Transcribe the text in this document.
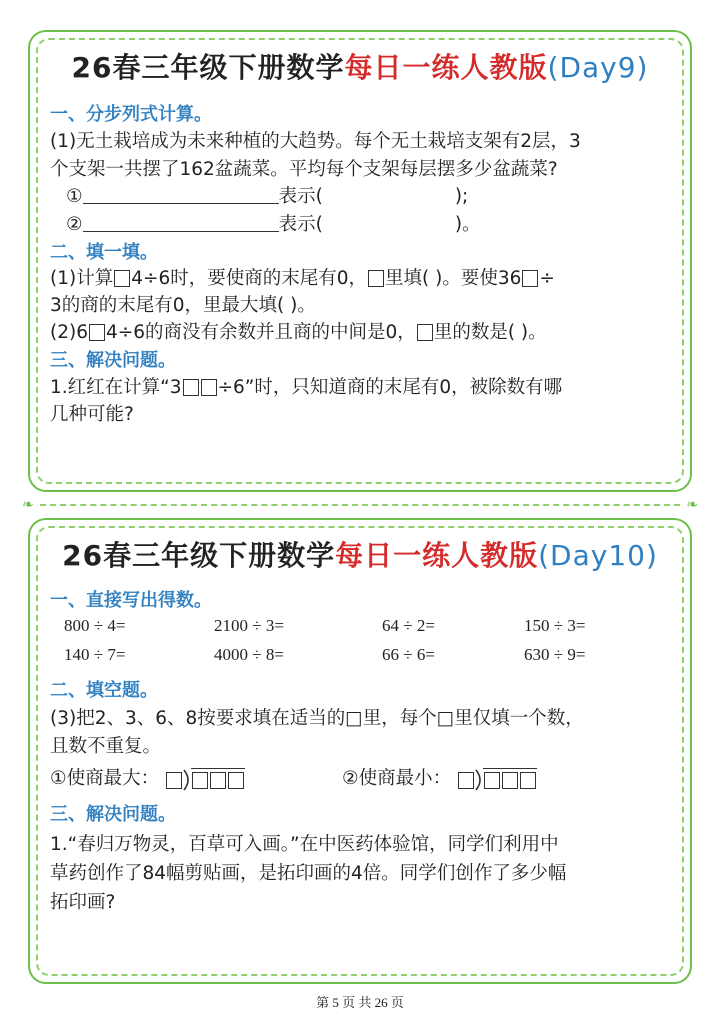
26春三年级下册数学每日一练人教版(Day9)
一、分步列式计算。
(1)无土栽培成为未来种植的大趋势。每个无土栽培支架有2层，3
个支架一共摆了162盆蔬菜。平均每个支架每层摆多少盆蔬菜?
①	表示(	);
②	表示(	)。
二、填一填。
(1)计算 4÷6时，要使商的末尾有0， 里填( )。要使36 ÷
3的商的末尾有0，里最大填( )。
(2)6 4÷6的商没有余数并且商的中间是0， 里的数是( )。
三、解决问题。
1.红红在计算“3 ÷6”时，只知道商的末尾有0，被除数有哪
几种可能?
❧	❧
26春三年级下册数学每日一练人教版(Day10)
一、直接写出得数。
800 ÷ 4=	2100 ÷ 3=	64 ÷ 2=	150 ÷ 3=
140 ÷ 7=	4000 ÷ 8=	66 ÷ 6=	630 ÷ 9=
二、填空题。
(3)把2、3、6、8按要求填在适当的□里，每个□里仅填一个数，
且数不重复。
①使商最大：	②使商最小：
三、解决问题。
1.“春归万物灵，百草可入画。”在中医药体验馆，同学们利用中
草药创作了84幅剪贴画，是拓印画的4倍。同学们创作了多少幅
拓印画?
第 5 页 共 26 页
